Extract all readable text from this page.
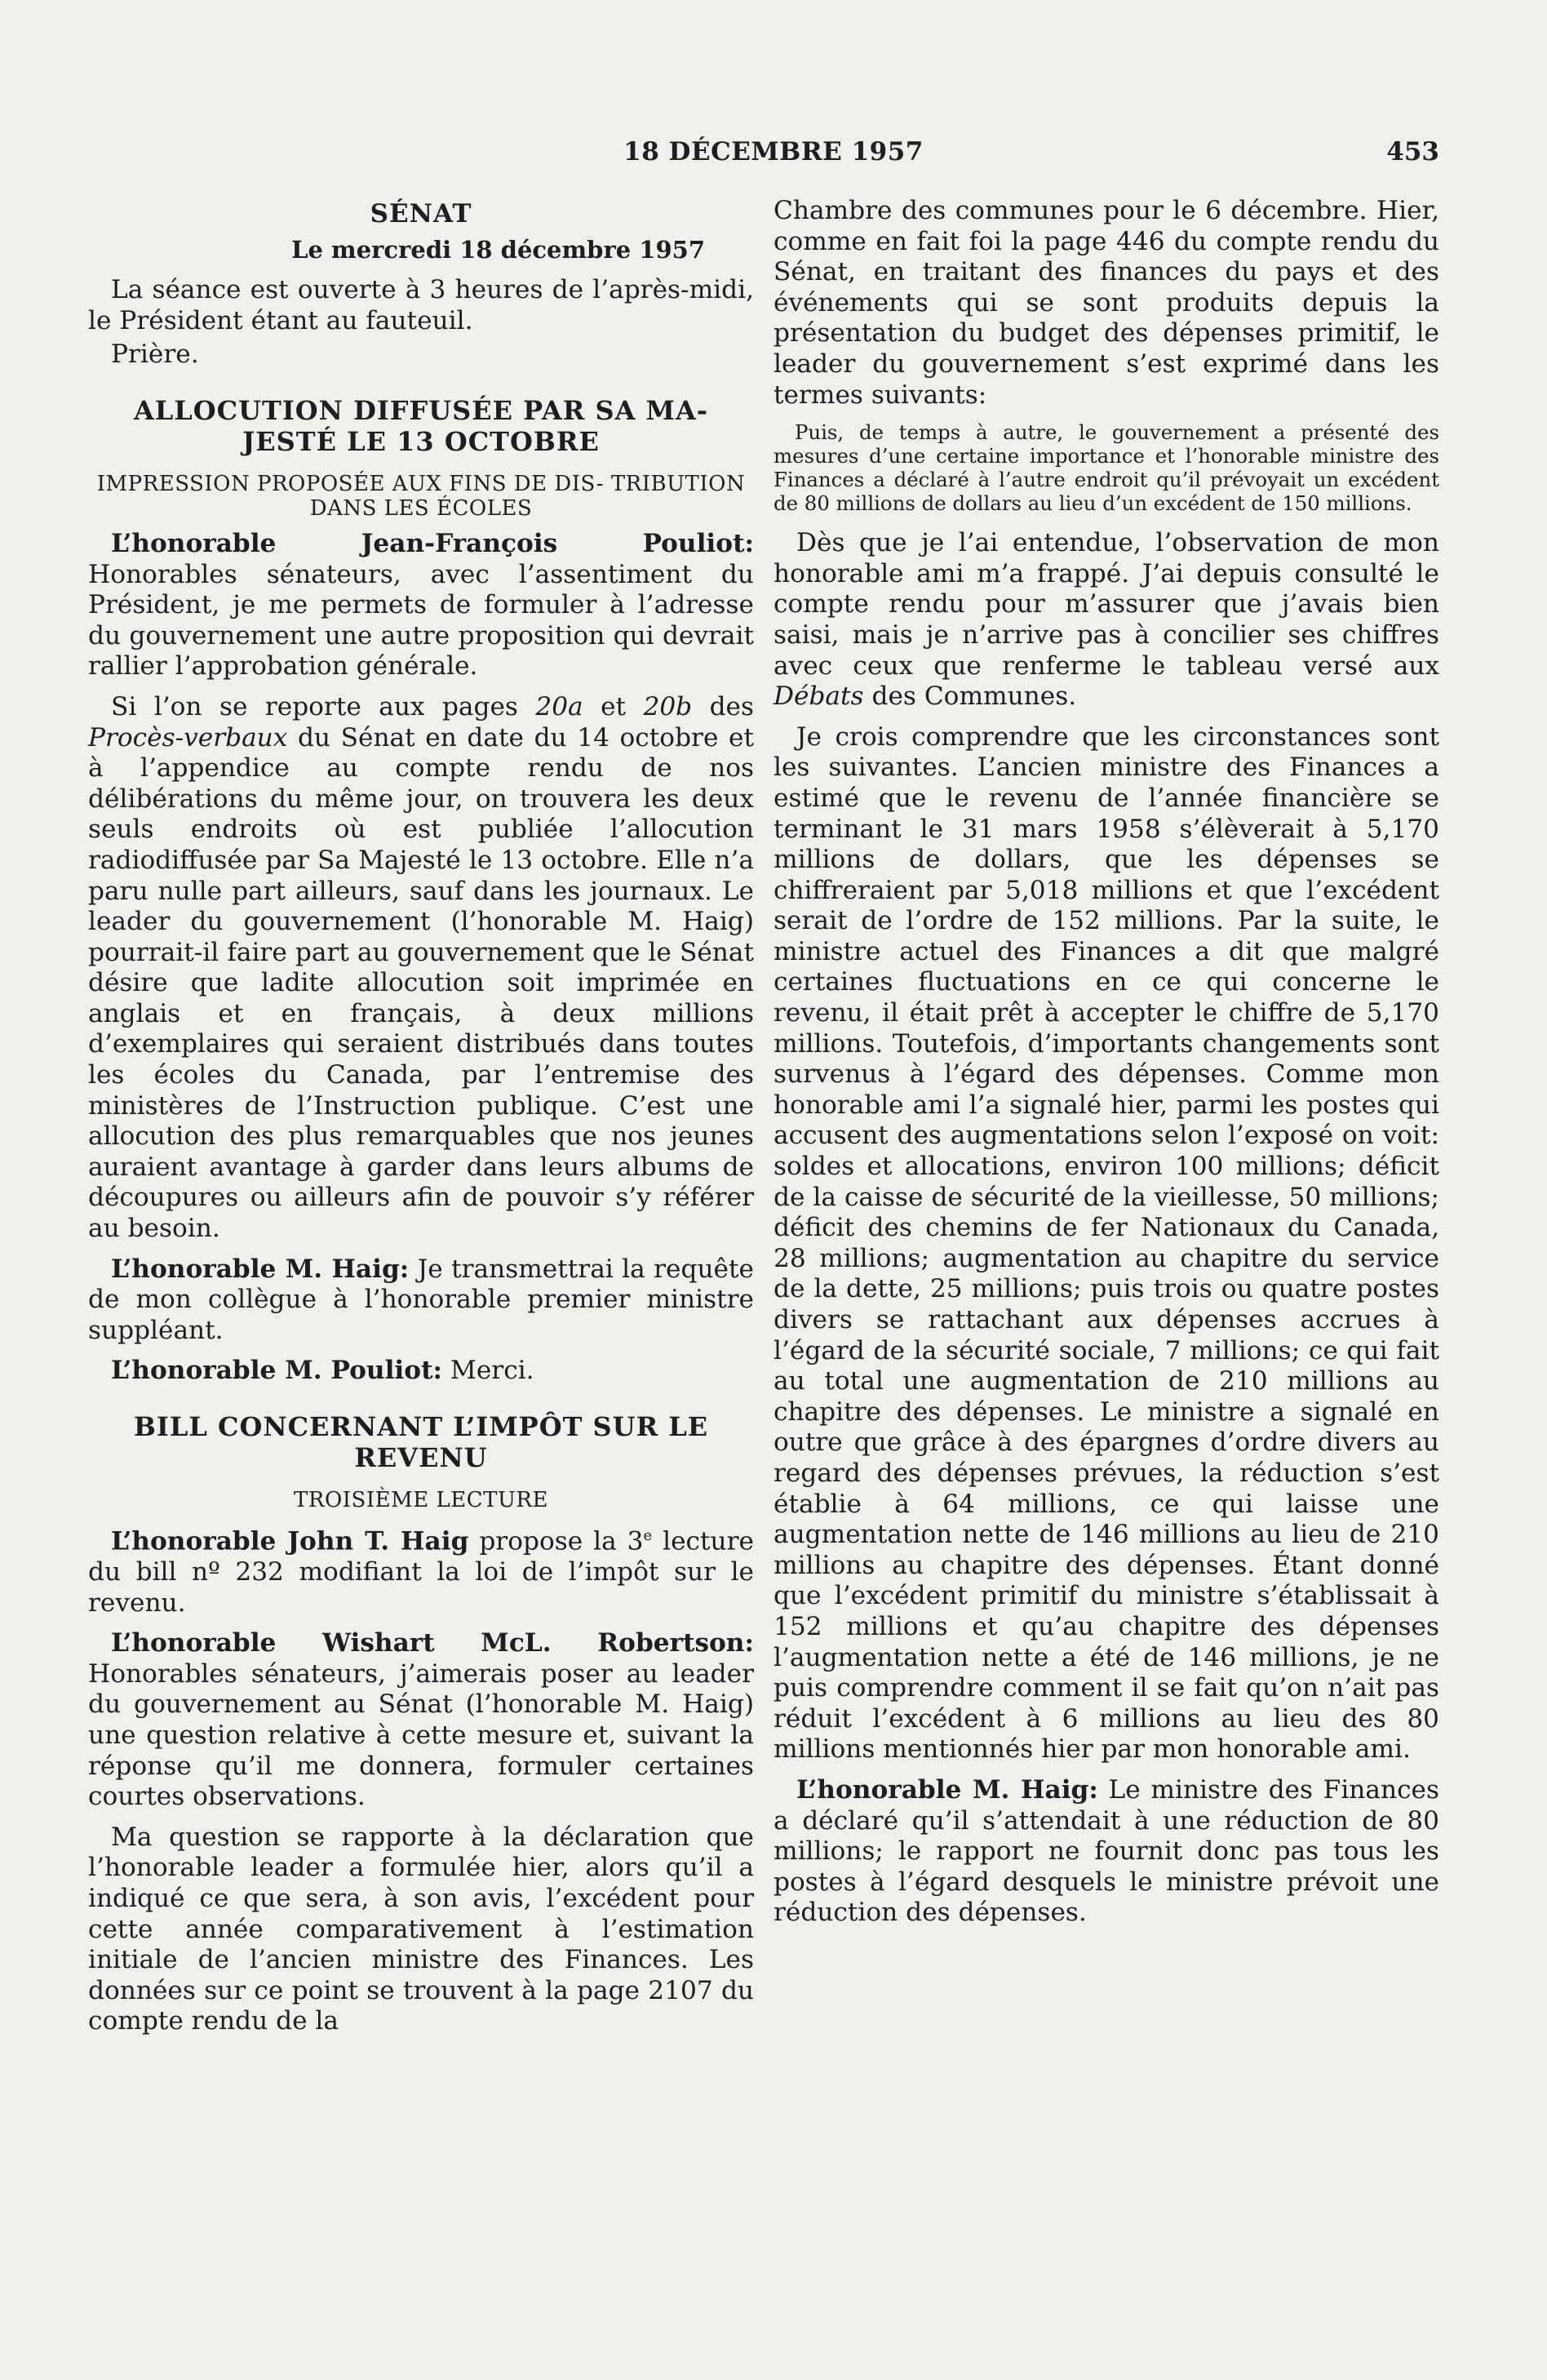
18 DÉCEMBRE 1957	453
SÉNAT
Le mercredi 18 décembre 1957

La séance est ouverte à 3 heures de l’après-midi, le Président étant au fauteuil.

Prière.

ALLOCUTION DIFFUSÉE PAR SA MA- JESTÉ LE 13 OCTOBRE
IMPRESSION PROPOSÉE AUX FINS DE DIS- TRIBUTION DANS LES ÉCOLES

L’honorable Jean-François Pouliot: Honorables sénateurs, avec l’assentiment du Président, je me permets de formuler à l’adresse du gouvernement une autre proposition qui devrait rallier l’approbation générale.

Si l’on se reporte aux pages 20a et 20b des Procès-verbaux du Sénat en date du 14 octobre et à l’appendice au compte rendu de nos délibérations du même jour, on trouvera les deux seuls endroits où est publiée l’allocution radiodiffusée par Sa Majesté le 13 octobre. Elle n’a paru nulle part ailleurs, sauf dans les journaux. Le leader du gouvernement (l’honorable M. Haig) pourrait-il faire part au gouvernement que le Sénat désire que ladite allocution soit imprimée en anglais et en français, à deux millions d’exemplaires qui seraient distribués dans toutes les écoles du Canada, par l’entremise des ministères de l’Instruction publique. C’est une allocution des plus remarquables que nos jeunes auraient avantage à garder dans leurs albums de découpures ou ailleurs afin de pouvoir s’y référer au besoin.

L’honorable M. Haig: Je transmettrai la requête de mon collègue à l’honorable premier ministre suppléant.

L’honorable M. Pouliot: Merci.

BILL CONCERNANT L’IMPÔT SUR LE REVENU
TROISIÈME LECTURE

L’honorable John T. Haig propose la 3e lecture du bill nº 232 modifiant la loi de l’impôt sur le revenu.

L’honorable Wishart McL. Robertson: Honorables sénateurs, j’aimerais poser au leader du gouvernement au Sénat (l’honorable M. Haig) une question relative à cette mesure et, suivant la réponse qu’il me donnera, formuler certaines courtes observations.

Ma question se rapporte à la déclaration que l’honorable leader a formulée hier, alors qu’il a indiqué ce que sera, à son avis, l’excédent pour cette année comparativement à l’estimation initiale de l’ancien ministre des Finances. Les données sur ce point se trouvent à la page 2107 du compte rendu de la

Chambre des communes pour le 6 décembre. Hier, comme en fait foi la page 446 du compte rendu du Sénat, en traitant des finances du pays et des événements qui se sont produits depuis la présentation du budget des dépenses primitif, le leader du gouvernement s’est exprimé dans les termes suivants:

Puis, de temps à autre, le gouvernement a présenté des mesures d’une certaine importance et l’honorable ministre des Finances a déclaré à l’autre endroit qu’il prévoyait un excédent de 80 millions de dollars au lieu d’un excédent de 150 millions.

Dès que je l’ai entendue, l’observation de mon honorable ami m’a frappé. J’ai depuis consulté le compte rendu pour m’assurer que j’avais bien saisi, mais je n’arrive pas à concilier ses chiffres avec ceux que renferme le tableau versé aux Débats des Communes.

Je crois comprendre que les circonstances sont les suivantes. L’ancien ministre des Finances a estimé que le revenu de l’année financière se terminant le 31 mars 1958 s’élèverait à 5,170 millions de dollars, que les dépenses se chiffreraient par 5,018 millions et que l’excédent serait de l’ordre de 152 millions. Par la suite, le ministre actuel des Finances a dit que malgré certaines fluctuations en ce qui concerne le revenu, il était prêt à accepter le chiffre de 5,170 millions. Toutefois, d’importants changements sont survenus à l’égard des dépenses. Comme mon honorable ami l’a signalé hier, parmi les postes qui accusent des augmentations selon l’exposé on voit: soldes et allocations, environ 100 millions; déficit de la caisse de sécurité de la vieillesse, 50 millions; déficit des chemins de fer Nationaux du Canada, 28 millions; augmentation au chapitre du service de la dette, 25 millions; puis trois ou quatre postes divers se rattachant aux dépenses accrues à l’égard de la sécurité sociale, 7 millions; ce qui fait au total une augmentation de 210 millions au chapitre des dépenses. Le ministre a signalé en outre que grâce à des épargnes d’ordre divers au regard des dépenses prévues, la réduction s’est établie à 64 millions, ce qui laisse une augmentation nette de 146 millions au lieu de 210 millions au chapitre des dépenses. Étant donné que l’excédent primitif du ministre s’établissait à 152 millions et qu’au chapitre des dépenses l’augmentation nette a été de 146 millions, je ne puis comprendre comment il se fait qu’on n’ait pas réduit l’excédent à 6 millions au lieu des 80 millions mentionnés hier par mon honorable ami.

L’honorable M. Haig: Le ministre des Finances a déclaré qu’il s’attendait à une réduction de 80 millions; le rapport ne fournit donc pas tous les postes à l’égard desquels le ministre prévoit une réduction des dépenses.
